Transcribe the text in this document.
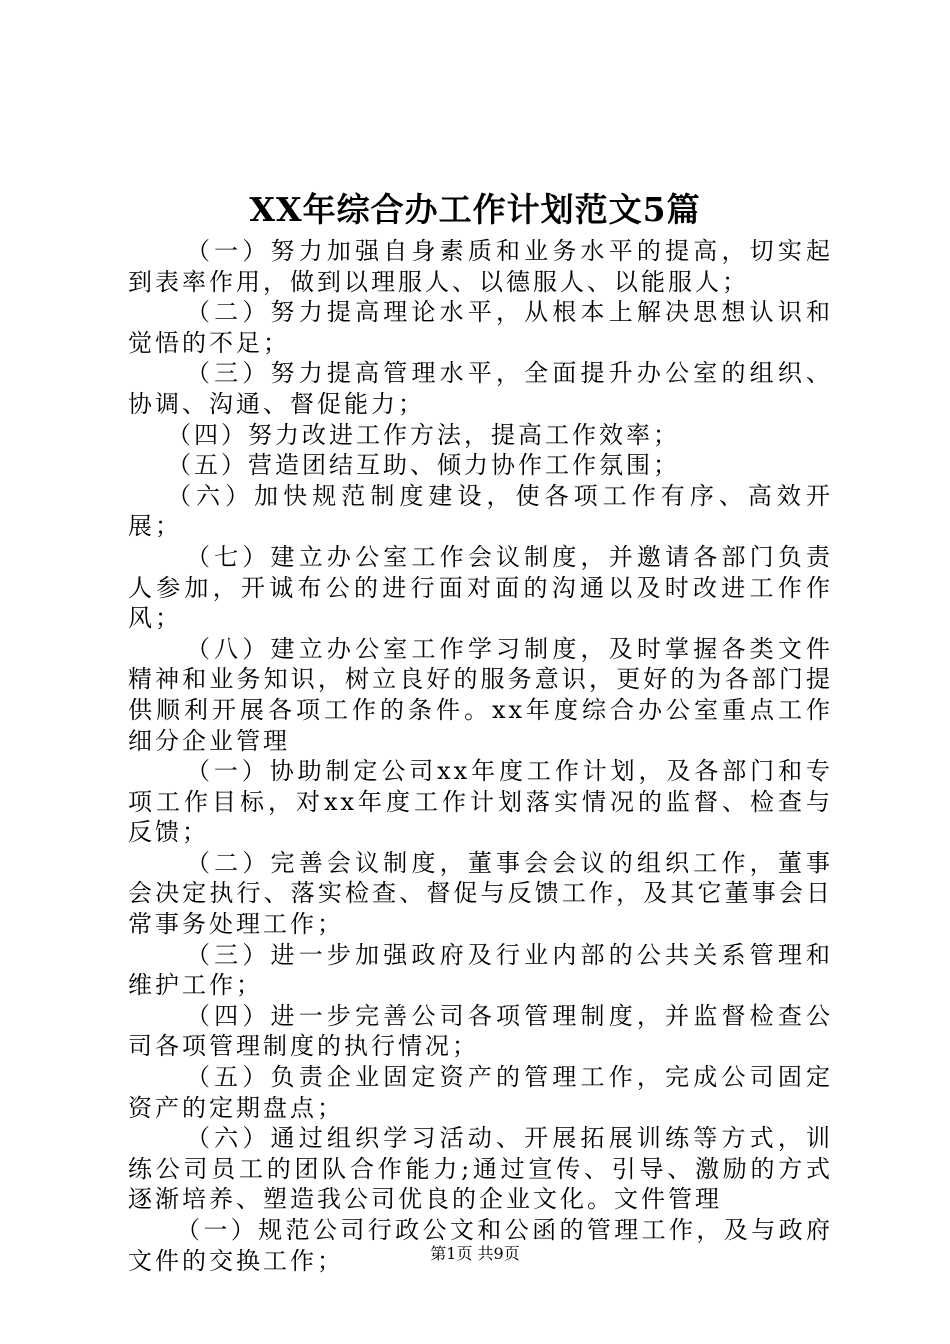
XX年综合办工作计划范文5篇

（一）努力加强自身素质和业务水平的提高，切实起到表率作用，做到以理服人、以德服人、以能服人；

（二）努力提高理论水平，从根本上解决思想认识和觉悟的不足；

（三）努力提高管理水平，全面提升办公室的组织、协调、沟通、督促能力；

（四）努力改进工作方法，提高工作效率；

（五）营造团结互助、倾力协作工作氛围；

（六）加快规范制度建设，使各项工作有序、高效开展；

（七）建立办公室工作会议制度，并邀请各部门负责人参加，开诚布公的进行面对面的沟通以及时改进工作作风；

（八）建立办公室工作学习制度，及时掌握各类文件精神和业务知识，树立良好的服务意识，更好的为各部门提供顺利开展各项工作的条件。xx年度综合办公室重点工作细分企业管理

（一）协助制定公司xx年度工作计划，及各部门和专项工作目标，对xx年度工作计划落实情况的监督、检查与反馈；

（二）完善会议制度，董事会会议的组织工作，董事会决定执行、落实检查、督促与反馈工作，及其它董事会日常事务处理工作；

（三）进一步加强政府及行业内部的公共关系管理和维护工作；

（四）进一步完善公司各项管理制度，并监督检查公司各项管理制度的执行情况；

（五）负责企业固定资产的管理工作，完成公司固定资产的定期盘点；

（六）通过组织学习活动、开展拓展训练等方式，训练公司员工的团队合作能力;通过宣传、引导、激励的方式逐渐培养、塑造我公司优良的企业文化。文件管理

（一）规范公司行政公文和公函的管理工作，及与政府文件的交换工作；	第1页 共9页
